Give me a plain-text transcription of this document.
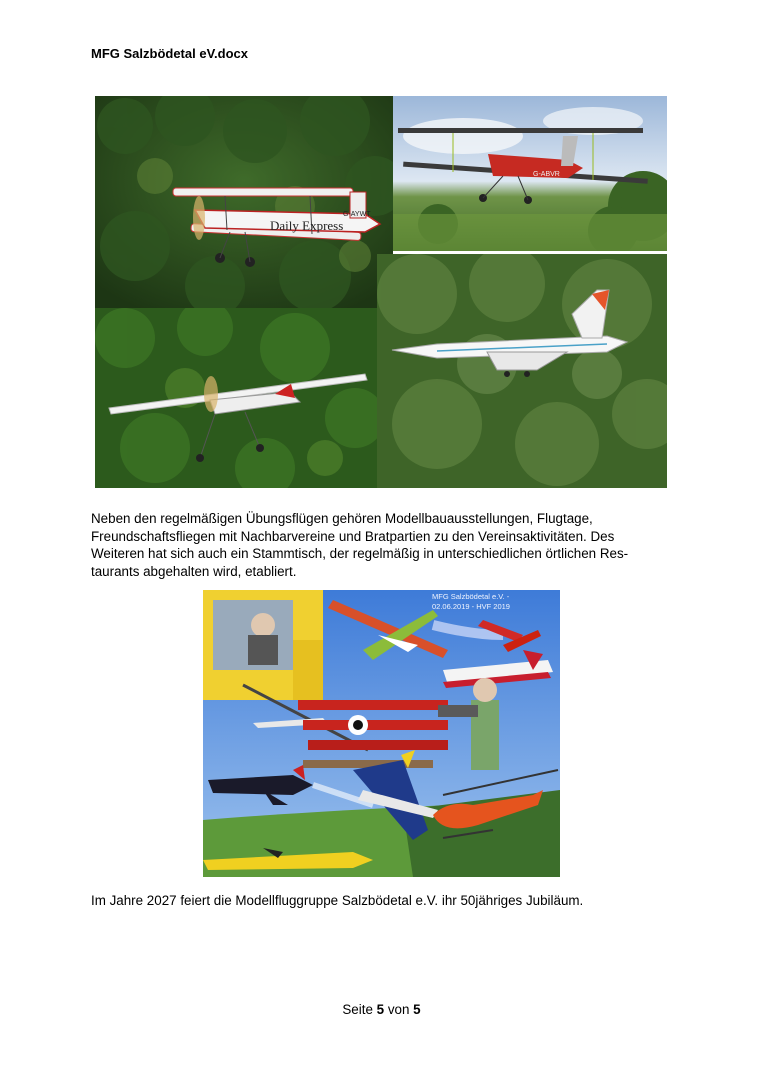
MFG Salzbödetal eV.docx
Daily Express
G-AYWT
G-ABVR
Neben den regelmäßigen Übungsflügen gehören Modellbauausstellungen, Flugtage,
Freundschaftsfliegen mit Nachbarvereine und Bratpartien zu den Vereinsaktivitäten. Des
Weiteren hat sich auch ein Stammtisch, der regelmäßig in unterschiedlichen örtlichen Res-
taurants abgehalten wird, etabliert.
MFG Salzbödetal e.V. -
02.06.2019 - HVF 2019
Im Jahre 2027 feiert die Modellfluggruppe Salzbödetal e.V. ihr 50jähriges Jubiläum.
Seite 5 von 5
